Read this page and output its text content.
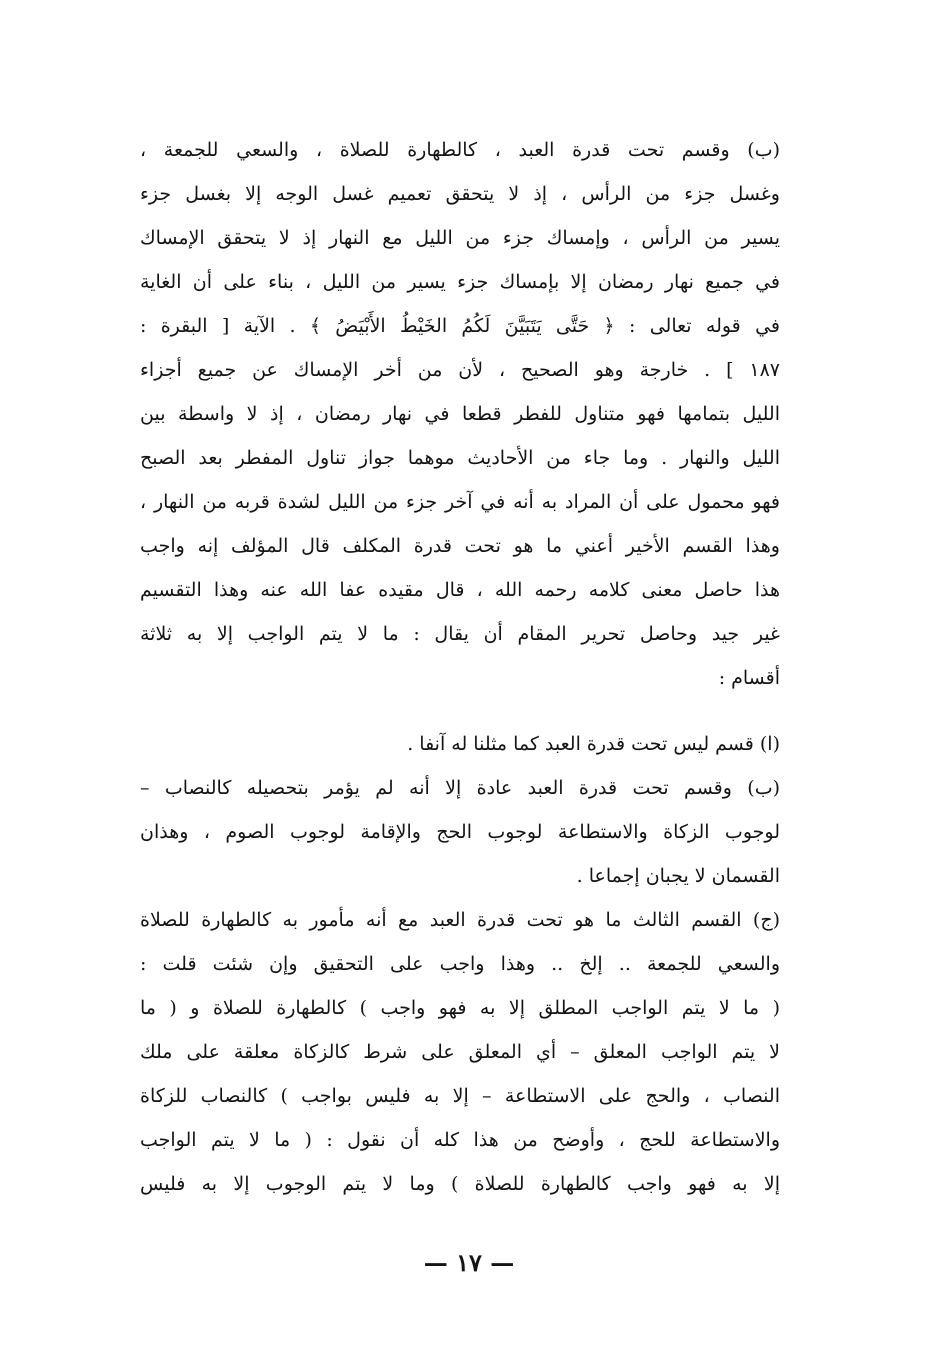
(ب) وقسم تحت قدرة العبد ، كالطهارة للصلاة ، والسعي للجمعة ،
وغسل جزء من الرأس ، إذ لا يتحقق تعميم غسل الوجه إلا بغسل جزء
يسير من الرأس ، وإمساك جزء من الليل مع النهار إذ لا يتحقق الإمساك
في جميع نهار رمضان إلا بإمساك جزء يسير من الليل ، بناء على أن الغاية
في قوله تعالى : ﴿ حَتَّى يَتَبَيَّنَ لَكُمُ الخَيْطُ الأَبْيَضُ ﴾ . الآية [ البقرة :
١٨٧ ] . خارجة وهو الصحيح ، لأن من أخر الإمساك عن جميع أجزاء
الليل بتمامها فهو متناول للفطر قطعا في نهار رمضان ، إذ لا واسطة بين
الليل والنهار . وما جاء من الأحاديث موهما جواز تناول المفطر بعد الصبح
فهو محمول على أن المراد به أنه في آخر جزء من الليل لشدة قربه من النهار ،
وهذا القسم الأخير أعني ما هو تحت قدرة المكلف قال المؤلف إنه واجب
هذا حاصل معنى كلامه رحمه الله ، قال مقيده عفا الله عنه وهذا التقسيم
غير جيد وحاصل تحرير المقام أن يقال : ما لا يتم الواجب إلا به ثلاثة
أقسام :
(ا) قسم ليس تحت قدرة العبد كما مثلنا له آنفا .
(ب) وقسم تحت قدرة العبد عادة إلا أنه لم يؤمر بتحصيله كالنصاب –
لوجوب الزكاة والاستطاعة لوجوب الحج والإقامة لوجوب الصوم ، وهذان
القسمان لا يجبان إجماعا .
(ج) القسم الثالث ما هو تحت قدرة العبد مع أنه مأمور به كالطهارة للصلاة
والسعي للجمعة .. إلخ .. وهذا واجب على التحقيق وإن شئت قلت :
( ما لا يتم الواجب المطلق إلا به فهو واجب ) كالطهارة للصلاة و ( ما
لا يتم الواجب المعلق – أي المعلق على شرط كالزكاة معلقة على ملك
النصاب ، والحج على الاستطاعة – إلا به فليس بواجب ) كالنصاب للزكاة
والاستطاعة للحج ، وأوضح من هذا كله أن نقول : ( ما لا يتم الواجب
إلا به فهو واجب كالطهارة للصلاة ) وما لا يتم الوجوب إلا به فليس
— ١٧ —
